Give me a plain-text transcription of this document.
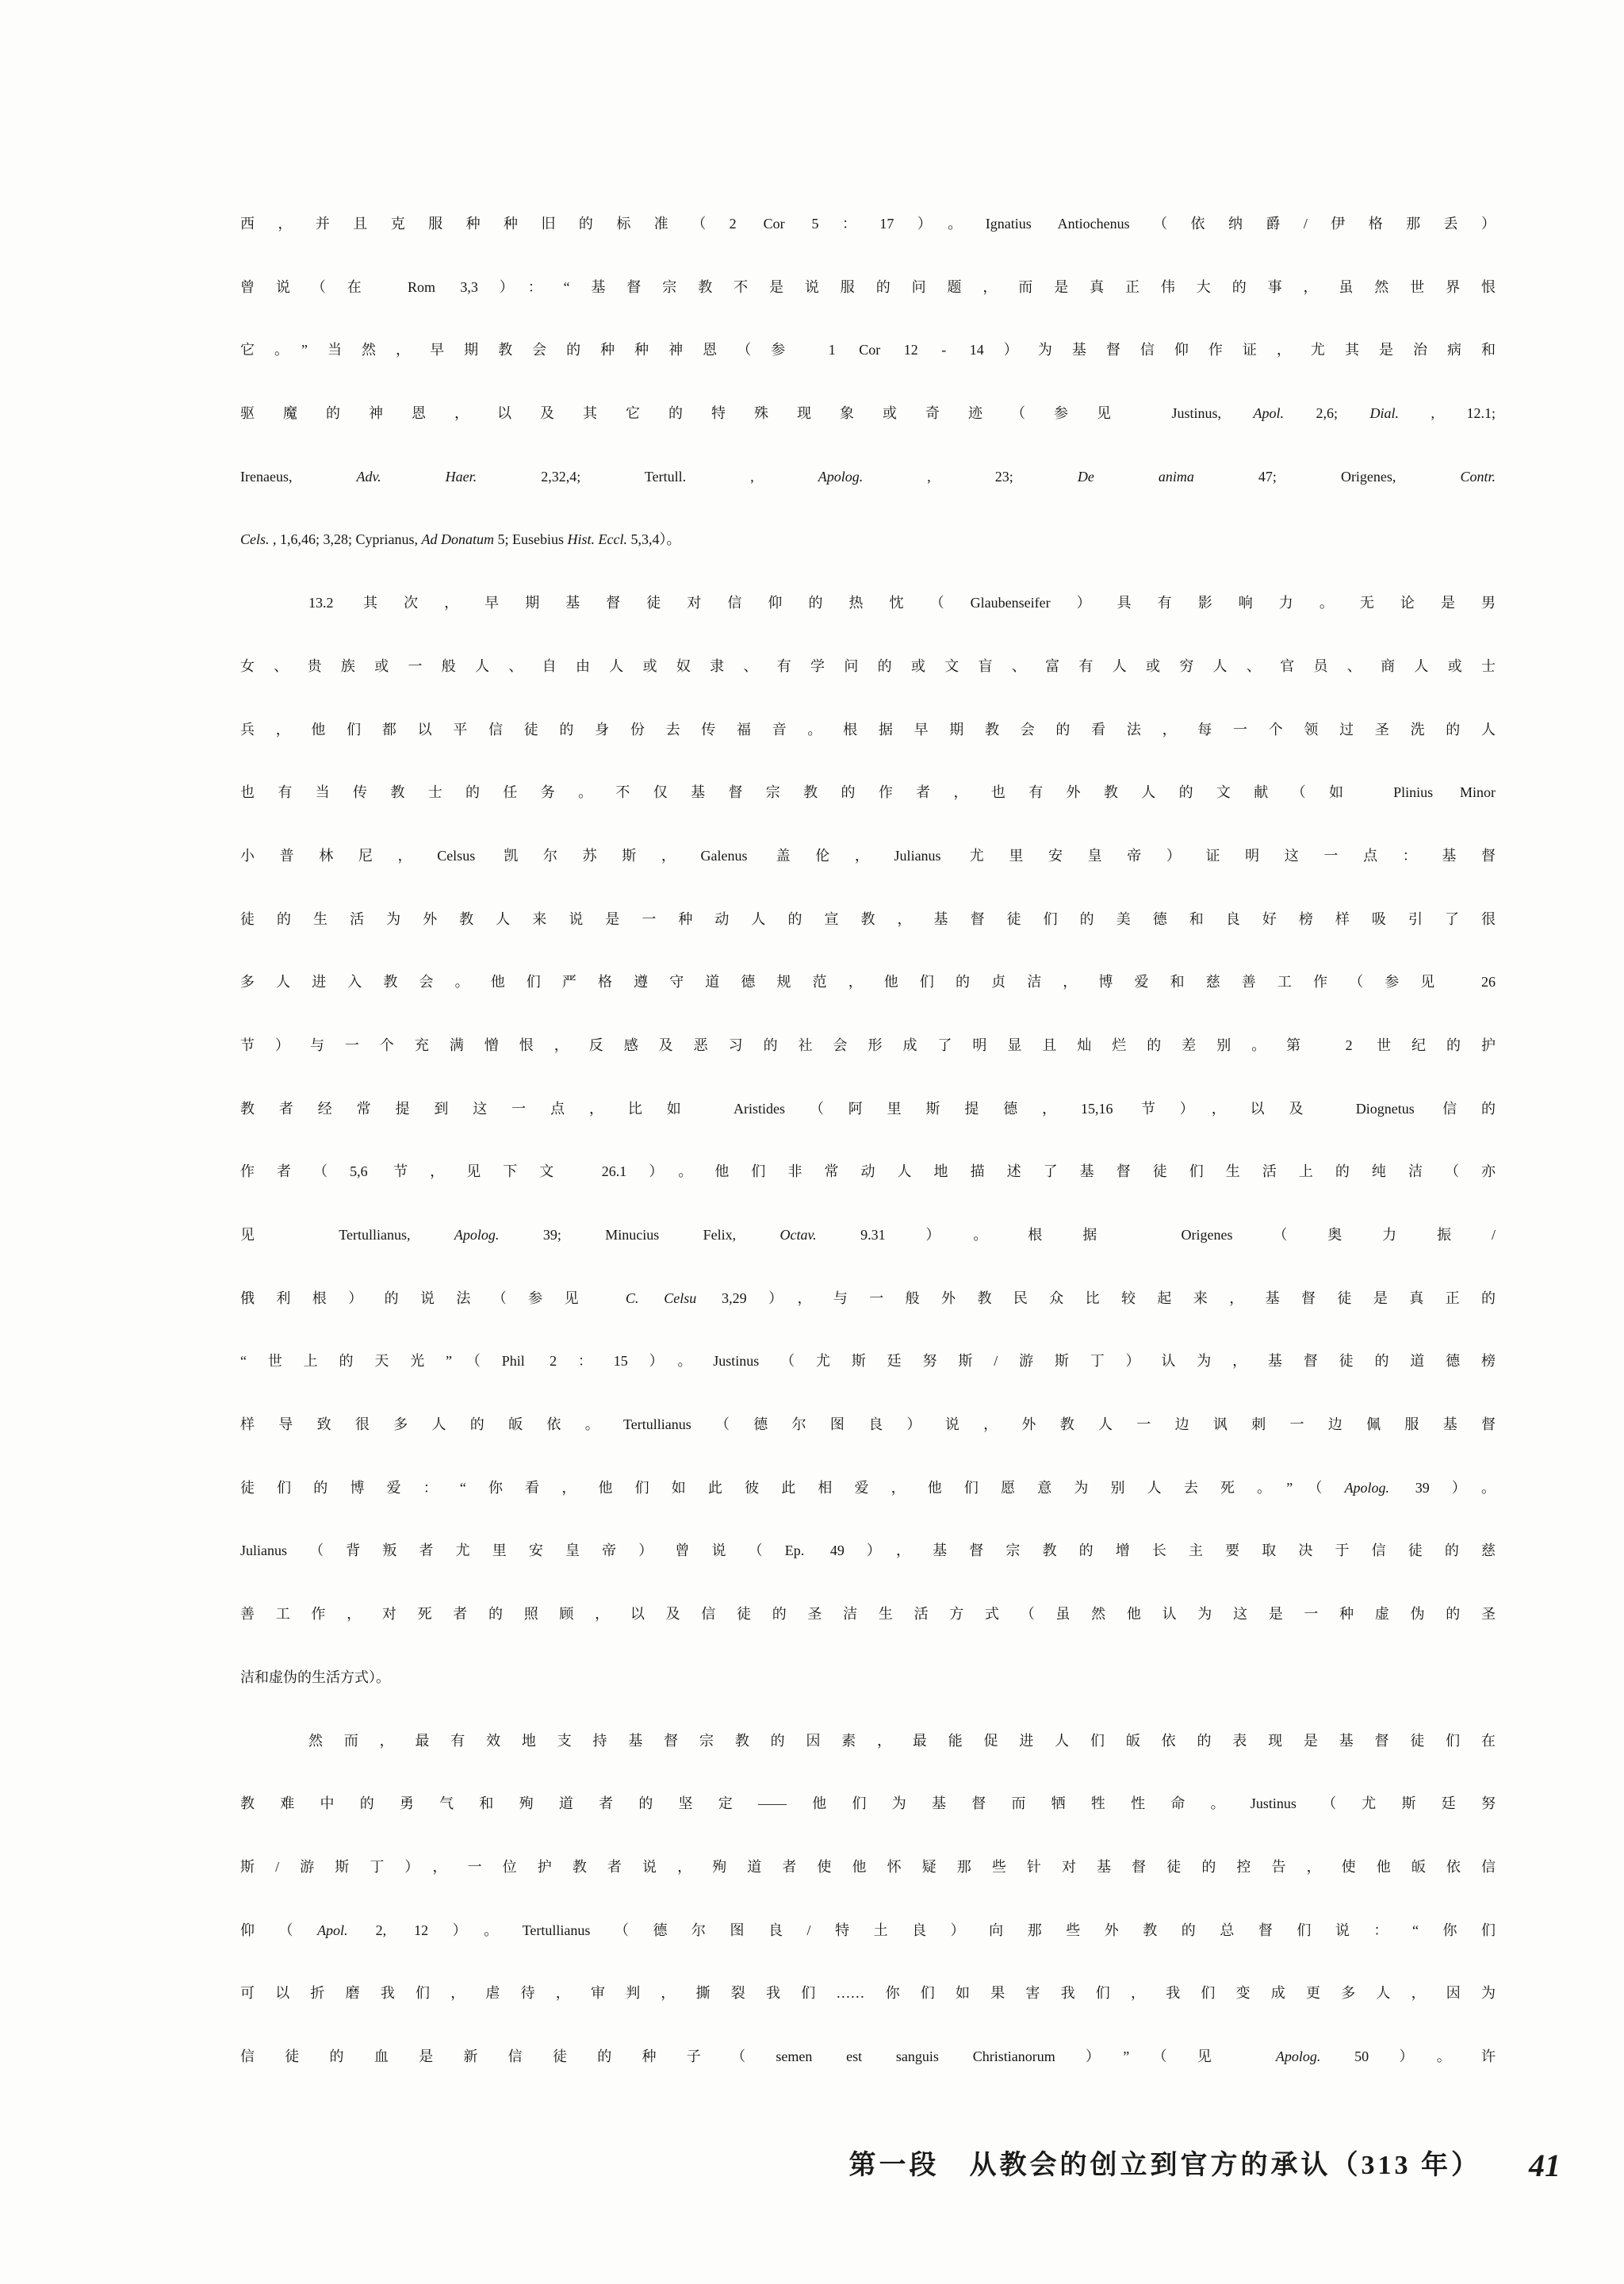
西，并且克服种种旧的标准（2 Cor 5：17）。Ignatius Antiochenus（依纳爵/伊格那丢）
曾说（在 Rom 3,3）：“基督宗教不是说服的问题，而是真正伟大的事，虽然世界恨
它。”当然，早期教会的种种神恩（参 1 Cor 12 - 14）为基督信仰作证，尤其是治病和
驱魔的神恩，以及其它的特殊现象或奇迹（参见 Justinus, Apol. 2,6; Dial. , 12.1;
Irenaeus, Adv. Haer. 2,32,4; Tertull. , Apolog. , 23; De anima 47; Origenes, Contr.
Cels. , 1,6,46; 3,28; Cyprianus, Ad Donatum 5; Eusebius Hist. Eccl. 5,3,4）。
13.2 其次，早期基督徒对信仰的热忱（Glaubenseifer）具有影响力。无论是男
女、贵族或一般人、自由人或奴隶、有学问的或文盲、富有人或穷人、官员、商人或士
兵，他们都以平信徒的身份去传福音。根据早期教会的看法，每一个领过圣洗的人
也有当传教士的任务。不仅基督宗教的作者，也有外教人的文献（如 Plinius Minor
小普林尼，Celsus 凯尔苏斯，Galenus 盖伦，Julianus 尤里安皇帝）证明这一点：基督
徒的生活为外教人来说是一种动人的宣教，基督徒们的美德和良好榜样吸引了很
多人进入教会。他们严格遵守道德规范，他们的贞洁，博爱和慈善工作（参见 26
节）与一个充满憎恨，反感及恶习的社会形成了明显且灿烂的差别。第 2 世纪的护
教者经常提到这一点，比如 Aristides（阿里斯提德，15,16 节），以及 Diognetus 信的
作者（5,6 节，见下文 26.1）。他们非常动人地描述了基督徒们生活上的纯洁（亦
见 Tertullianus, Apolog. 39; Minucius Felix, Octav. 9.31）。根据 Origenes（奥力振/
俄利根）的说法（参见 C. Celsu 3,29），与一般外教民众比较起来，基督徒是真正的
“世上的天光”（Phil 2：15）。Justinus（尤斯廷努斯/游斯丁）认为，基督徒的道德榜
样导致很多人的皈依。Tertullianus（德尔图良）说，外教人一边讽刺一边佩服基督
徒们的博爱：“你看，他们如此彼此相爱，他们愿意为别人去死。”（Apolog. 39）。
Julianus（背叛者尤里安皇帝）曾说（Ep. 49），基督宗教的增长主要取决于信徒的慈
善工作，对死者的照顾，以及信徒的圣洁生活方式（虽然他认为这是一种虚伪的圣
洁和虚伪的生活方式）。
然而，最有效地支持基督宗教的因素，最能促进人们皈依的表现是基督徒们在
教难中的勇气和殉道者的坚定——他们为基督而牺牲性命。Justinus（尤斯廷努
斯/游斯丁），一位护教者说，殉道者使他怀疑那些针对基督徒的控告，使他皈依信
仰（Apol. 2, 12）。Tertullianus（德尔图良/特土良）向那些外教的总督们说：“你们
可以折磨我们，虐待，审判，撕裂我们……你们如果害我们，我们变成更多人，因为
信徒的血是新信徒的种子（semen est sanguis Christianorum）”（见 Apolog. 50）。许
第一段　从教会的创立到官方的承认（313 年） 41
